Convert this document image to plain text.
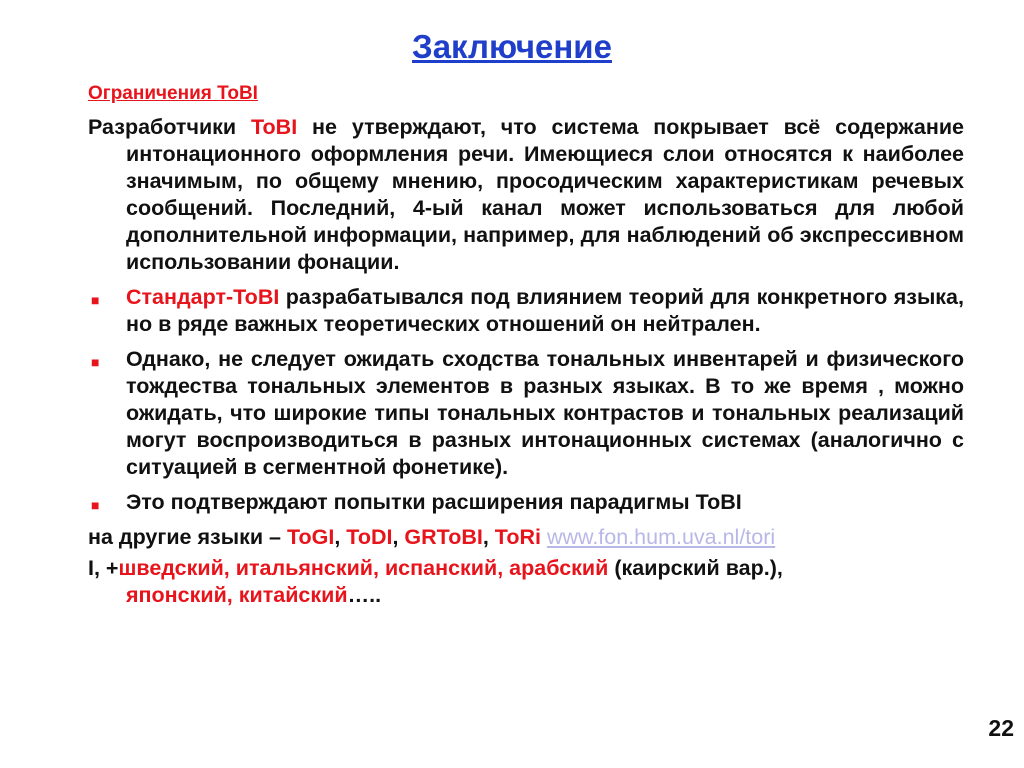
Заключение
Ограничения ToBI
Разработчики ToBI не утверждают, что система покрывает всё содержание интонационного оформления речи. Имеющиеся слои относятся к наиболее значимым, по общему мнению, просодическим характеристикам речевых сообщений. Последний, 4-ый канал может использоваться для любой дополнительной информации, например, для наблюдений об экспрессивном использовании фонации.
■ Стандарт-ToBI разрабатывался под влиянием теорий для конкретного языка, но в ряде важных теоретических отношений он нейтрален.
■ Однако, не следует ожидать сходства тональных инвентарей и физического тождества тональных элементов в разных языках. В то же время , можно ожидать, что широкие типы тональных контрастов и тональных реализаций могут воспроизводиться в разных интонационных системах (аналогично с ситуацией в сегментной фонетике).
■ Это подтверждают попытки расширения парадигмы ToBI
на другие языки – ToGI, ToDI, GRToBI, ToRi www.fon.hum.uva.nl/tori
I, +шведский, итальянский, испанский, арабский (каирский вар.),
японский, китайский…..
22
